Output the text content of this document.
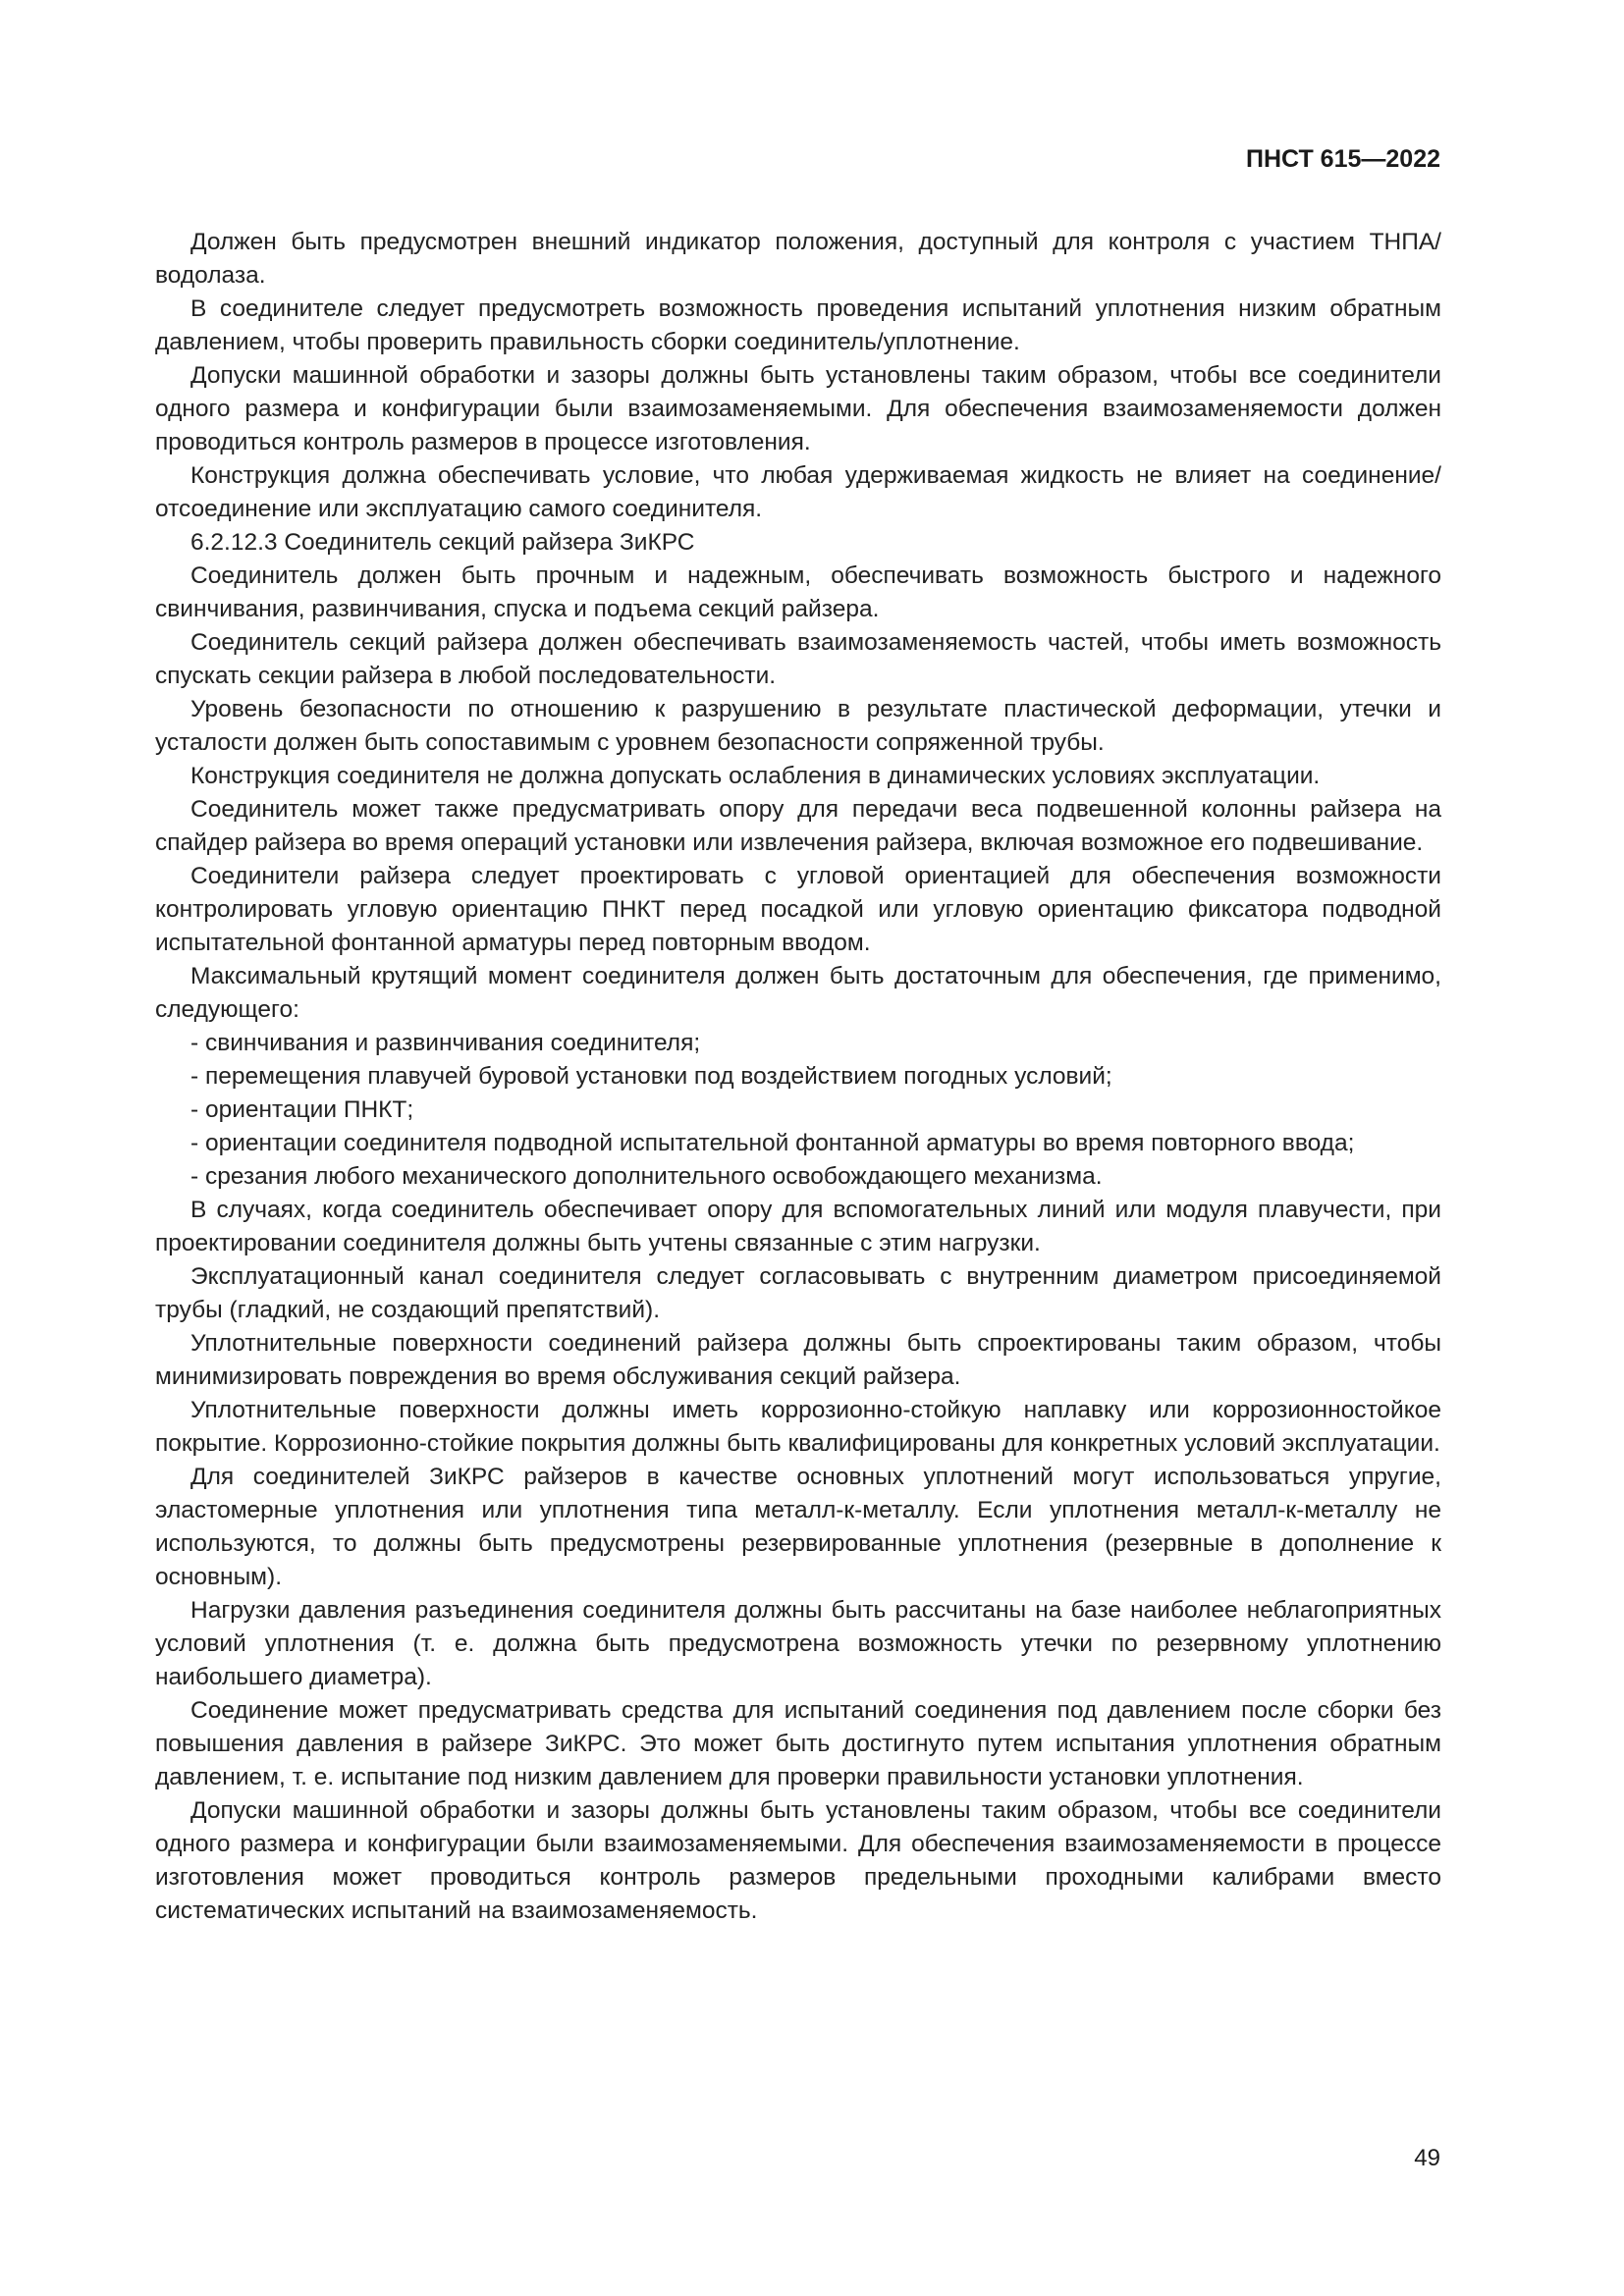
ПНСТ 615—2022

Должен быть предусмотрен внешний индикатор положения, доступный для контроля с участием ТНПА/водолаза.

В соединителе следует предусмотреть возможность проведения испытаний уплотнения низким обратным давлением, чтобы проверить правильность сборки соединитель/уплотнение.

Допуски машинной обработки и зазоры должны быть установлены таким образом, чтобы все соединители одного размера и конфигурации были взаимозаменяемыми. Для обеспечения взаимозаменяемости должен проводиться контроль размеров в процессе изготовления.

Конструкция должна обеспечивать условие, что любая удерживаемая жидкость не влияет на соединение/отсоединение или эксплуатацию самого соединителя.

6.2.12.3 Соединитель секций райзера ЗиКРС

Соединитель должен быть прочным и надежным, обеспечивать возможность быстрого и надежного свинчивания, развинчивания, спуска и подъема секций райзера.

Соединитель секций райзера должен обеспечивать взаимозаменяемость частей, чтобы иметь возможность спускать секции райзера в любой последовательности.

Уровень безопасности по отношению к разрушению в результате пластической деформации, утечки и усталости должен быть сопоставимым с уровнем безопасности сопряженной трубы.

Конструкция соединителя не должна допускать ослабления в динамических условиях эксплуатации.

Соединитель может также предусматривать опору для передачи веса подвешенной колонны райзера на спайдер райзера во время операций установки или извлечения райзера, включая возможное его подвешивание.

Соединители райзера следует проектировать с угловой ориентацией для обеспечения возможности контролировать угловую ориентацию ПНКТ перед посадкой или угловую ориентацию фиксатора подводной испытательной фонтанной арматуры перед повторным вводом.

Максимальный крутящий момент соединителя должен быть достаточным для обеспечения, где применимо, следующего:

- свинчивания и развинчивания соединителя;

- перемещения плавучей буровой установки под воздействием погодных условий;

- ориентации ПНКТ;

- ориентации соединителя подводной испытательной фонтанной арматуры во время повторного ввода;

- срезания любого механического дополнительного освобождающего механизма.

В случаях, когда соединитель обеспечивает опору для вспомогательных линий или модуля плавучести, при проектировании соединителя должны быть учтены связанные с этим нагрузки.

Эксплуатационный канал соединителя следует согласовывать с внутренним диаметром присоединяемой трубы (гладкий, не создающий препятствий).

Уплотнительные поверхности соединений райзера должны быть спроектированы таким образом, чтобы минимизировать повреждения во время обслуживания секций райзера.

Уплотнительные поверхности должны иметь коррозионно-стойкую наплавку или коррозионностойкое покрытие. Коррозионно-стойкие покрытия должны быть квалифицированы для конкретных условий эксплуатации.

Для соединителей ЗиКРС райзеров в качестве основных уплотнений могут использоваться упругие, эластомерные уплотнения или уплотнения типа металл-к-металлу. Если уплотнения металл-к-металлу не используются, то должны быть предусмотрены резервированные уплотнения (резервные в дополнение к основным).

Нагрузки давления разъединения соединителя должны быть рассчитаны на базе наиболее неблагоприятных условий уплотнения (т. е. должна быть предусмотрена возможность утечки по резервному уплотнению наибольшего диаметра).

Соединение может предусматривать средства для испытаний соединения под давлением после сборки без повышения давления в райзере ЗиКРС. Это может быть достигнуто путем испытания уплотнения обратным давлением, т. е. испытание под низким давлением для проверки правильности установки уплотнения.

Допуски машинной обработки и зазоры должны быть установлены таким образом, чтобы все соединители одного размера и конфигурации были взаимозаменяемыми. Для обеспечения взаимозаменяемости в процессе изготовления может проводиться контроль размеров предельными проходными калибрами вместо систематических испытаний на взаимозаменяемость.

49
